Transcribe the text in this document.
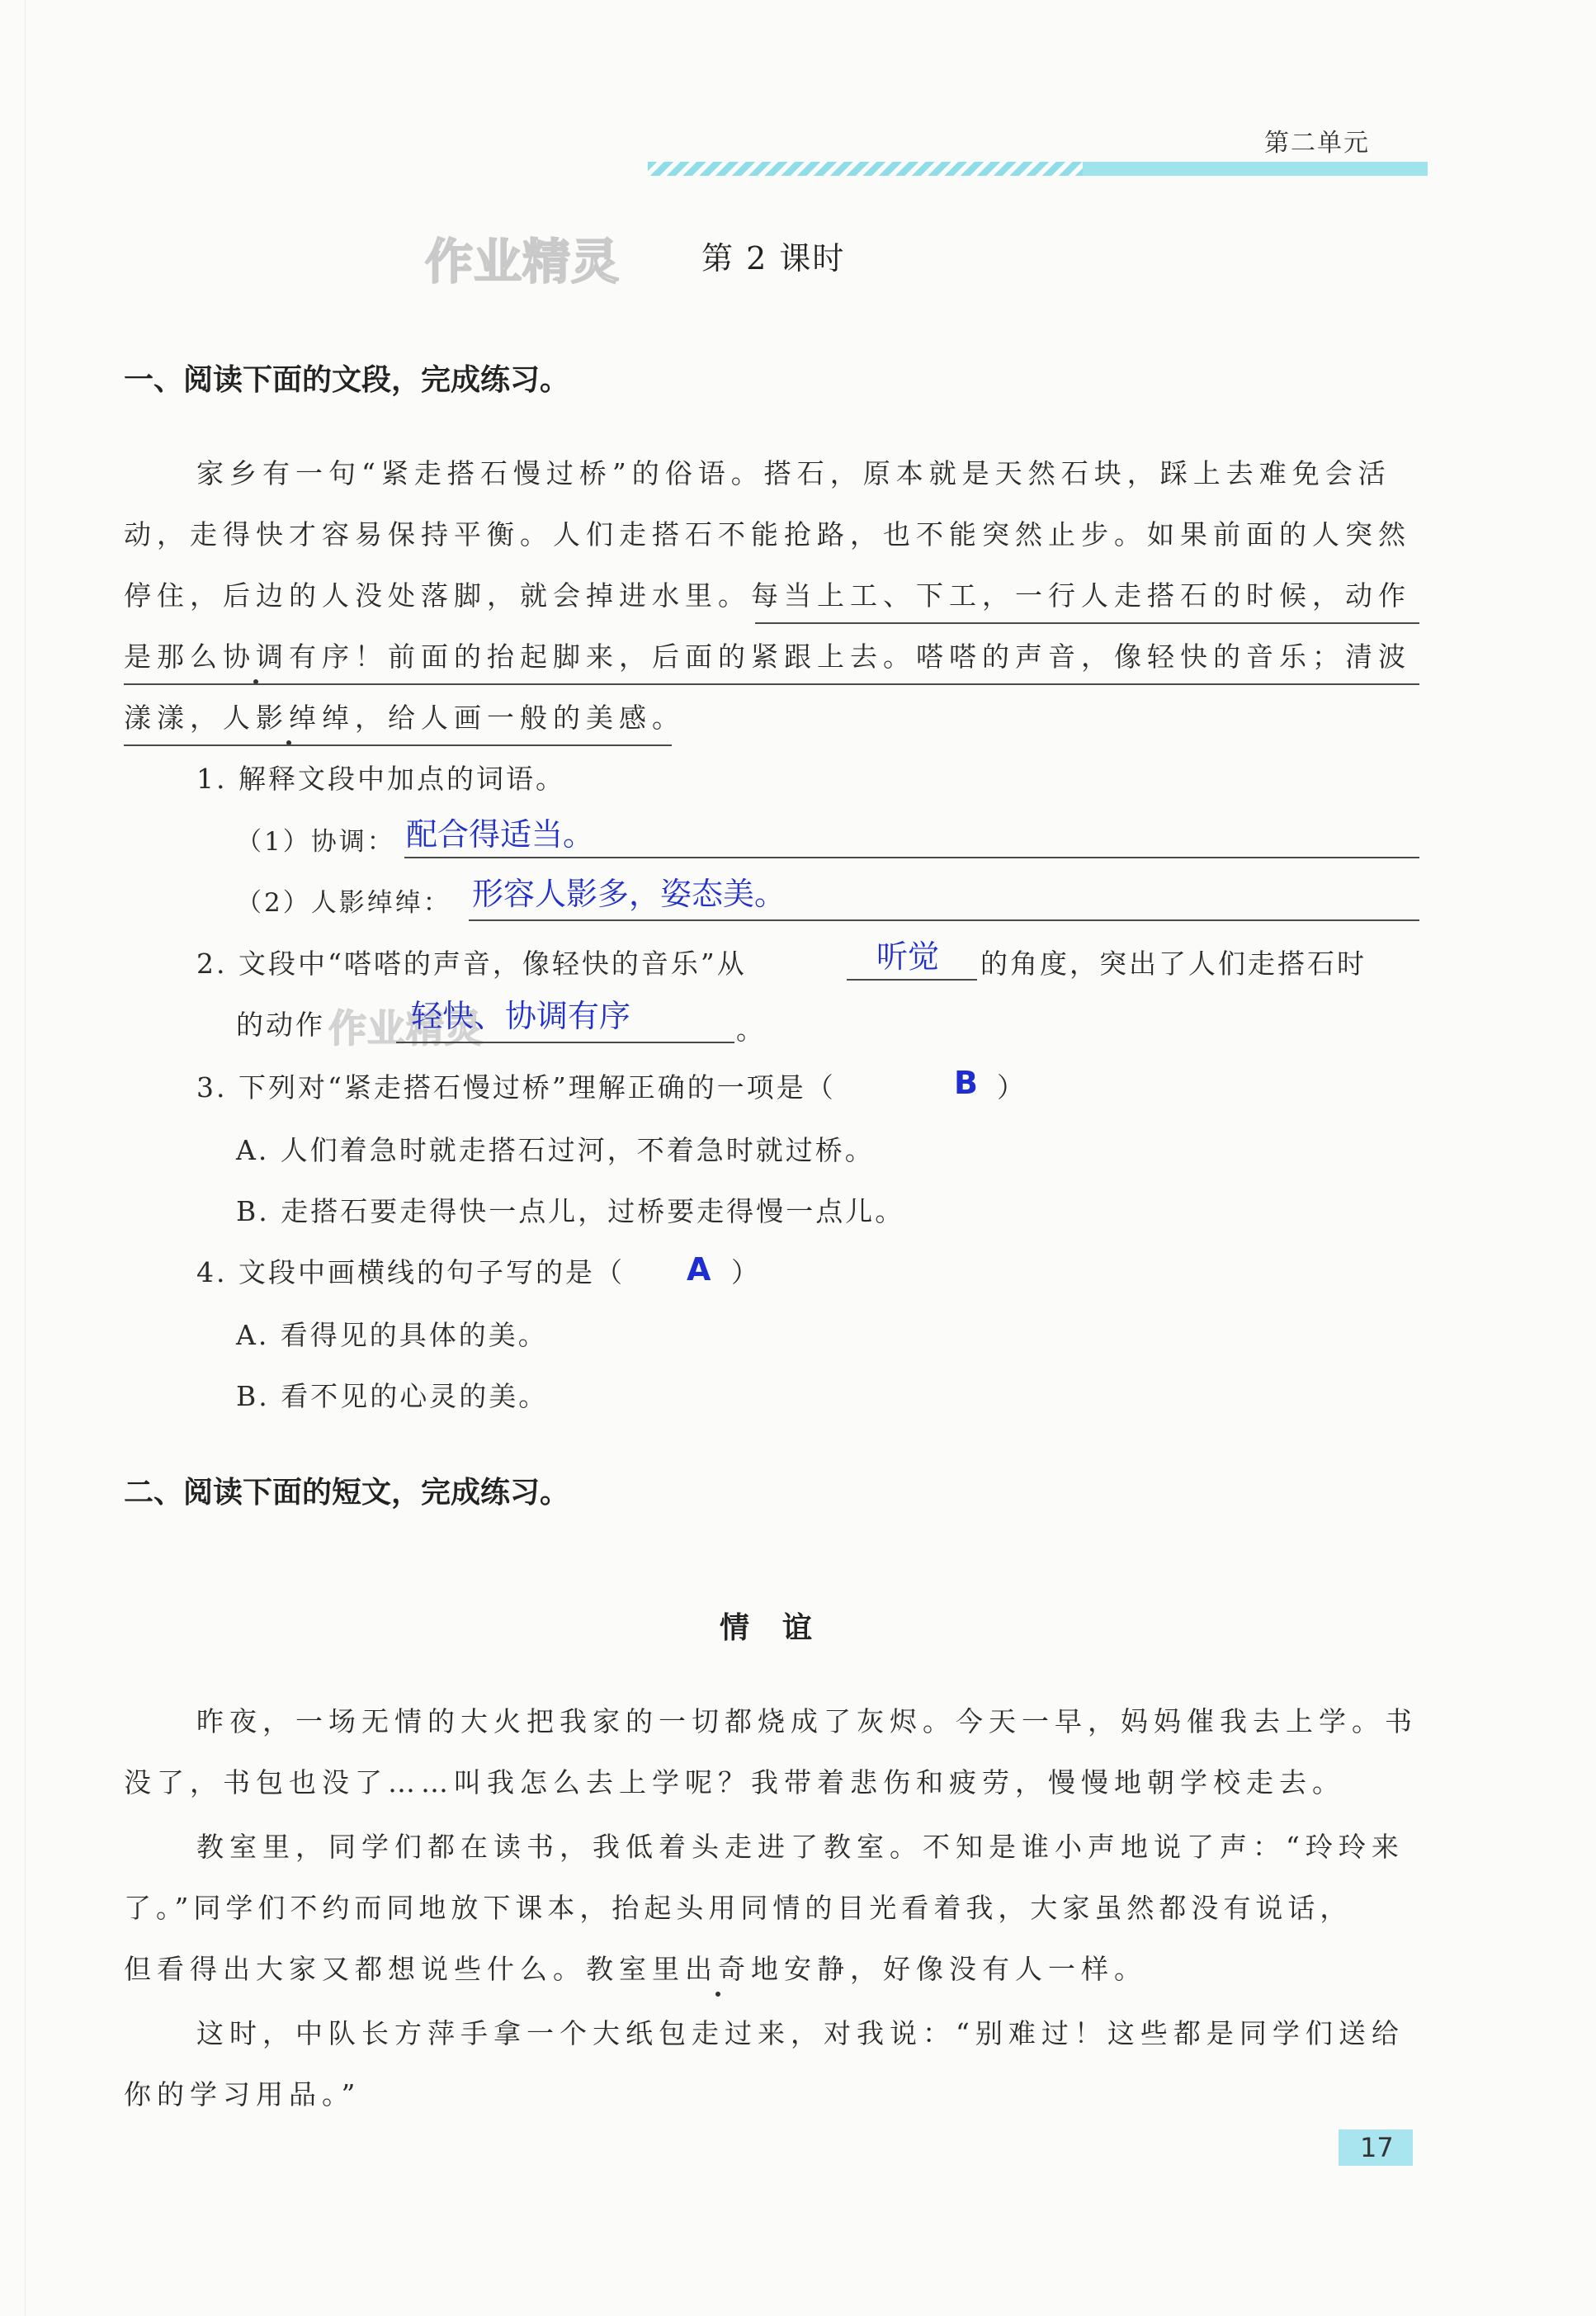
第二单元
作业精灵	第 2 课时
一、阅读下面的文段，完成练习。
家乡有一句“紧走搭石慢过桥”的俗语。搭石，原本就是天然石块，踩上去难免会活
动，走得快才容易保持平衡。人们走搭石不能抢路，也不能突然止步。如果前面的人突然
停住，后边的人没处落脚，就会掉进水里。每当上工、下工，一行人走搭石的时候，动作
是那么协调有序！前面的抬起脚来，后面的紧跟上去。嗒嗒的声音，像轻快的音乐；清波
漾漾，人影绰绰，给人画一般的美感。
1. 解释文段中加点的词语。
（1）协调： 配合得适当。
（2）人影绰绰： 形容人影多，姿态美。
2. 文段中“嗒嗒的声音，像轻快的音乐”从	听觉 的角度，突出了人们走搭石时
的动作 作业精灵
轻快、协调有序	。
3. 下列对“紧走搭石慢过桥”理解正确的一项是（	B ）
A. 人们着急时就走搭石过河，不着急时就过桥。
B. 走搭石要走得快一点儿，过桥要走得慢一点儿。
4. 文段中画横线的句子写的是（ A ）
A. 看得见的具体的美。
B. 看不见的心灵的美。
二、阅读下面的短文，完成练习。
情谊
昨夜，一场无情的大火把我家的一切都烧成了灰烬。今天一早，妈妈催我去上学。书
没了，书包也没了……叫我怎么去上学呢？我带着悲伤和疲劳，慢慢地朝学校走去。
教室里，同学们都在读书，我低着头走进了教室。不知是谁小声地说了声：“玲玲来
了。”同学们不约而同地放下课本，抬起头用同情的目光看着我，大家虽然都没有说话，
但看得出大家又都想说些什么。教室里出奇地安静，好像没有人一样。
这时，中队长方萍手拿一个大纸包走过来，对我说：“别难过！这些都是同学们送给
你的学习用品。”
17
